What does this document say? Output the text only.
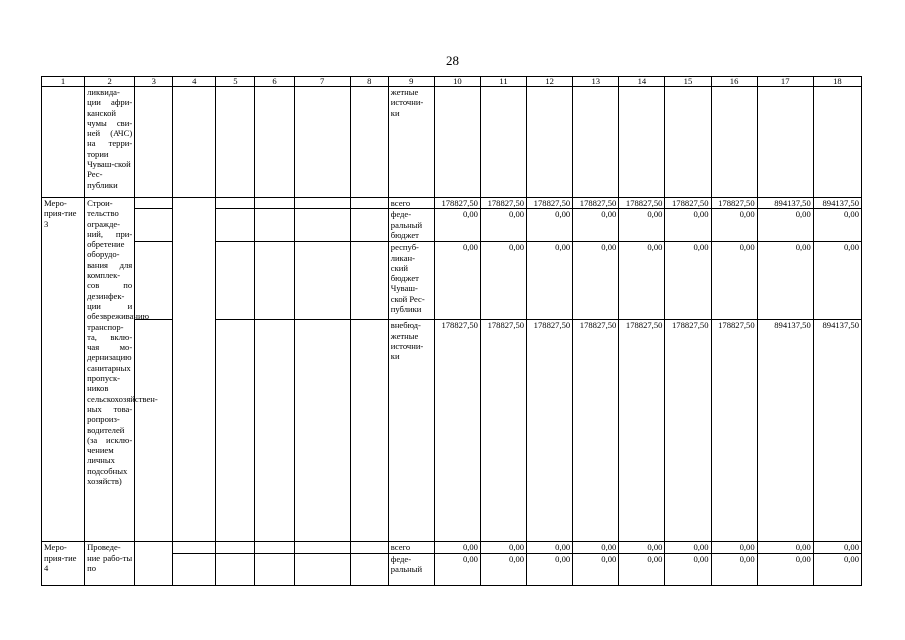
28
1	2	3	4	5	6	7	8	9	10	11	12	13	14	15	16	17	18
	ликвида-ции афри-канской чумы сви-ней (АЧС) на терри-тории Чуваш-ской Рес-публики							жетные источни-ки									
Меро-прия-тие 3	Строи-тельство огражде-ний, при-обретение оборудо-вания для комплек-сов по дезинфек-ции и обезвреживанию транспор-та, вклю-чая мо-дернизацию санитарных пропуск-ников сельскохозяйствен-ных това-ропроиз-водителей (за исклю-чением личных подсобных хозяйств)							всего	178827,50	178827,50	178827,50	178827,50	178827,50	178827,50	178827,50	894137,50	894137,50
								феде-ральный бюджет	0,00	0,00	0,00	0,00	0,00	0,00	0,00	0,00	0,00
								респуб-ликан-ский бюджет Чуваш-ской Рес-публики	0,00	0,00	0,00	0,00	0,00	0,00	0,00	0,00	0,00
								внебюд-жетные источни-ки	178827,50	178827,50	178827,50	178827,50	178827,50	178827,50	178827,50	894137,50	894137,50
Меро-прия-тие 4	Проведе-ние рабо-ты по							всего	0,00	0,00	0,00	0,00	0,00	0,00	0,00	0,00	0,00
								феде-ральный	0,00	0,00	0,00	0,00	0,00	0,00	0,00	0,00	0,00
